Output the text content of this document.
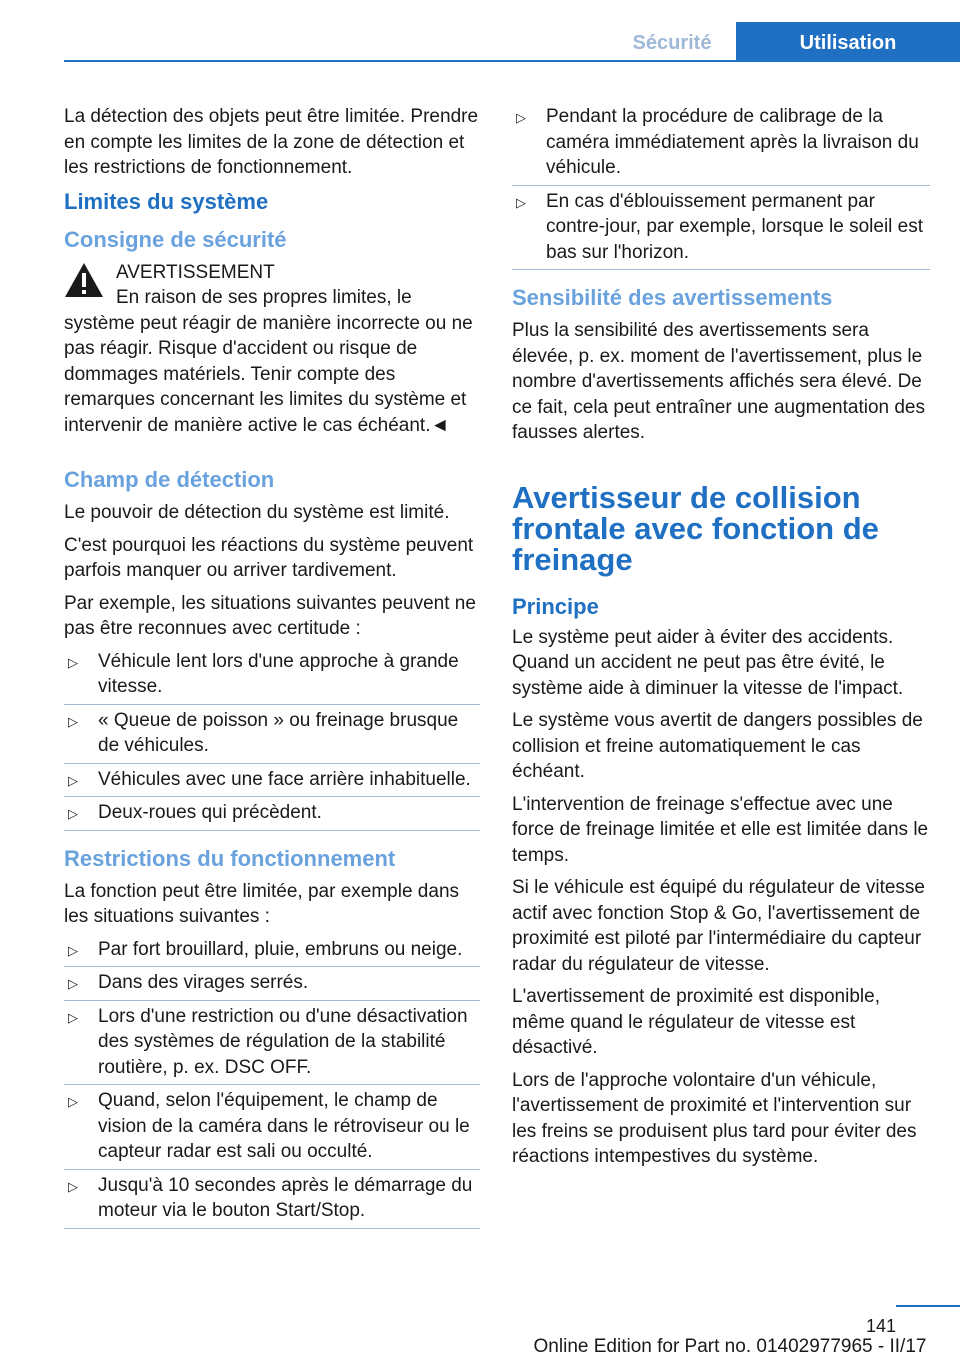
Sécurité	Utilisation

La détection des objets peut être limitée. Prendre en compte les limites de la zone de détection et les restrictions de fonctionnement.

Limites du système
Consigne de sécurité
AVERTISSEMENT

En raison de ses propres limites, le système peut réagir de manière incorrecte ou ne pas réagir. Risque d'accident ou risque de dommages matériels. Tenir compte des remarques concernant les limites du système et intervenir de manière active le cas échéant.◄

Champ de détection

Le pouvoir de détection du système est limité.

C'est pourquoi les réactions du système peuvent parfois manquer ou arriver tardivement.

Par exemple, les situations suivantes peuvent ne pas être reconnues avec certitude :

▷ Véhicule lent lors d'une approche à grande vitesse.
▷ « Queue de poisson » ou freinage brusque de véhicules.
▷ Véhicules avec une face arrière inhabituelle.
▷ Deux-roues qui précèdent.
Restrictions du fonctionnement

La fonction peut être limitée, par exemple dans les situations suivantes :

▷ Par fort brouillard, pluie, embruns ou neige.
▷ Dans des virages serrés.
▷ Lors d'une restriction ou d'une désactivation des systèmes de régulation de la stabilité routière, p. ex. DSC OFF.
▷ Quand, selon l'équipement, le champ de vision de la caméra dans le rétroviseur ou le capteur radar est sali ou occulté.
▷ Jusqu'à 10 secondes après le démarrage du moteur via le bouton Start/Stop.
▷ Pendant la procédure de calibrage de la caméra immédiatement après la livraison du véhicule.
▷ En cas d'éblouissement permanent par contre-jour, par exemple, lorsque le soleil est bas sur l'horizon.
Sensibilité des avertissements

Plus la sensibilité des avertissements sera élevée, p. ex. moment de l'avertissement, plus le nombre d'avertissements affichés sera élevé. De ce fait, cela peut entraîner une augmentation des fausses alertes.

Avertisseur de collision frontale avec fonction de freinage
Principe

Le système peut aider à éviter des accidents. Quand un accident ne peut pas être évité, le système aide à diminuer la vitesse de l'impact.

Le système vous avertit de dangers possibles de collision et freine automatiquement le cas échéant.

L'intervention de freinage s'effectue avec une force de freinage limitée et elle est limitée dans le temps.

Si le véhicule est équipé du régulateur de vitesse actif avec fonction Stop & Go, l'avertissement de proximité est piloté par l'intermédiaire du capteur radar du régulateur de vitesse.

L'avertissement de proximité est disponible, même quand le régulateur de vitesse est désactivé.

Lors de l'approche volontaire d'un véhicule, l'avertissement de proximité et l'intervention sur les freins se produisent plus tard pour éviter des réactions intempestives du système.

141
Online Edition for Part no. 01402977965 - II/17
